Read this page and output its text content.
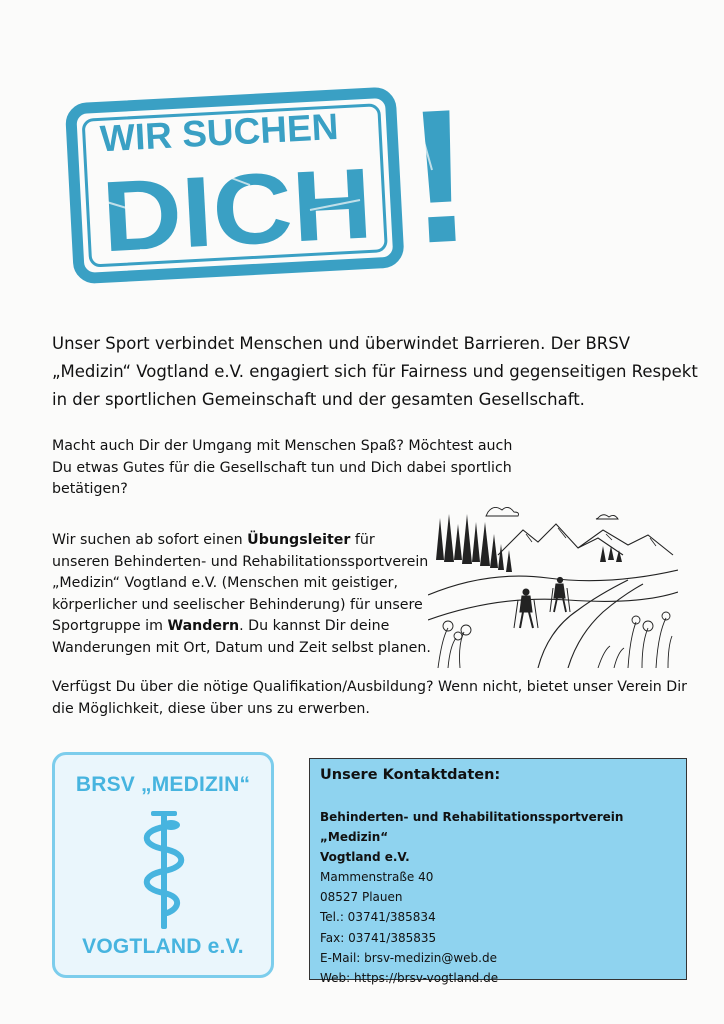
WIR SUCHEN
DICH !
Unser Sport verbindet Menschen und überwindet Barrieren. Der BRSV
„Medizin“ Vogtland e.V. engagiert sich für Fairness und gegenseitigen Respekt
in der sportlichen Gemeinschaft und der gesamten Gesellschaft.
Macht auch Dir der Umgang mit Menschen Spaß? Möchtest auch
Du etwas Gutes für die Gesellschaft tun und Dich dabei sportlich
betätigen?
Wir suchen ab sofort einen Übungsleiter für
unseren Behinderten- und Rehabilitationssportverein
„Medizin“ Vogtland e.V. (Menschen mit geistiger,
körperlicher und seelischer Behinderung) für unsere
Sportgruppe im Wandern. Du kannst Dir deine
Wanderungen mit Ort, Datum und Zeit selbst planen.
Verfügst Du über die nötige Qualifikation/Ausbildung? Wenn nicht, bietet unser Verein Dir
die Möglichkeit, diese über uns zu erwerben.
BRSV „MEDIZIN“
VOGTLAND e.V.
Unsere Kontaktdaten:
Behinderten- und Rehabilitationssportverein „Medizin“
Vogtland e.V.
Mammenstraße 40
08527 Plauen
Tel.: 03741/385834
Fax: 03741/385835
E-Mail: brsv-medizin@web.de
Web: https://brsv-vogtland.de
